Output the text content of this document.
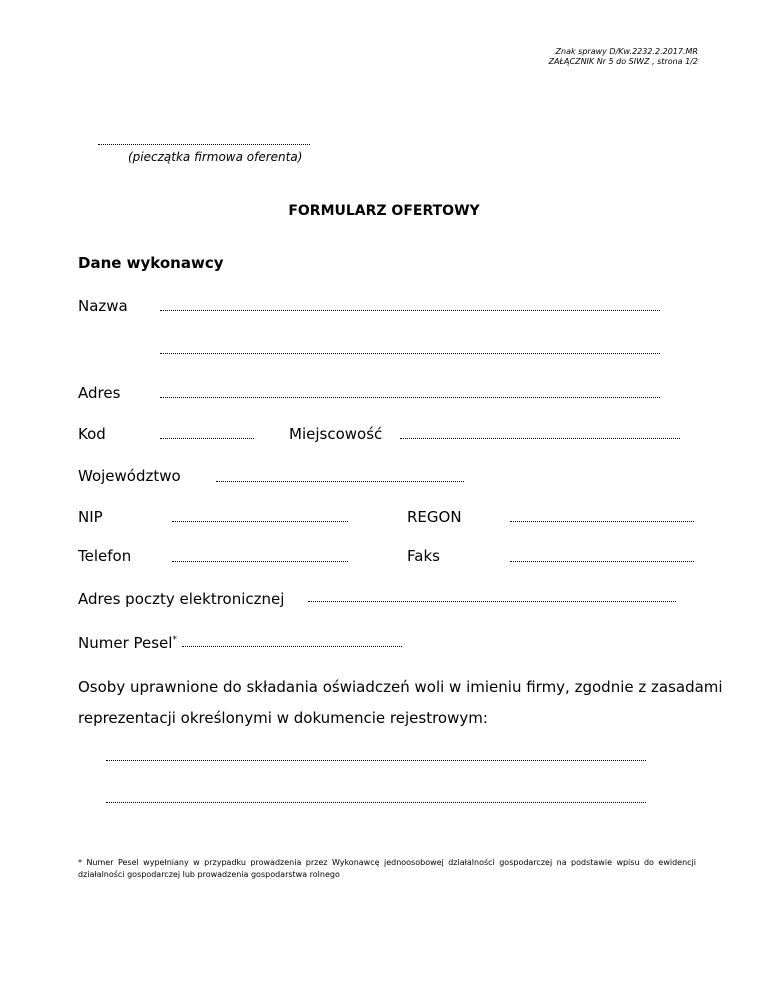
Znak sprawy D/Kw.2232.2.2017.MR
ZAŁĄCZNIK Nr 5 do SIWZ , strona 1/2
(pieczątka firmowa oferenta)
FORMULARZ OFERTOWY
Dane wykonawcy
Nazwa
Adres
Kod	Miejscowość
Województwo
NIP	REGON
Telefon	Faks
Adres poczty elektronicznej
Numer Pesel*
Osoby uprawnione do składania oświadczeń woli w imieniu firmy, zgodnie z zasadami
reprezentacji określonymi w dokumencie rejestrowym:
* Numer Pesel wypełniany w przypadku prowadzenia przez Wykonawcę jednoosobowej działalności gospodarczej na podstawie wpisu do ewidencji działalności gospodarczej lub prowadzenia gospodarstwa rolnego
